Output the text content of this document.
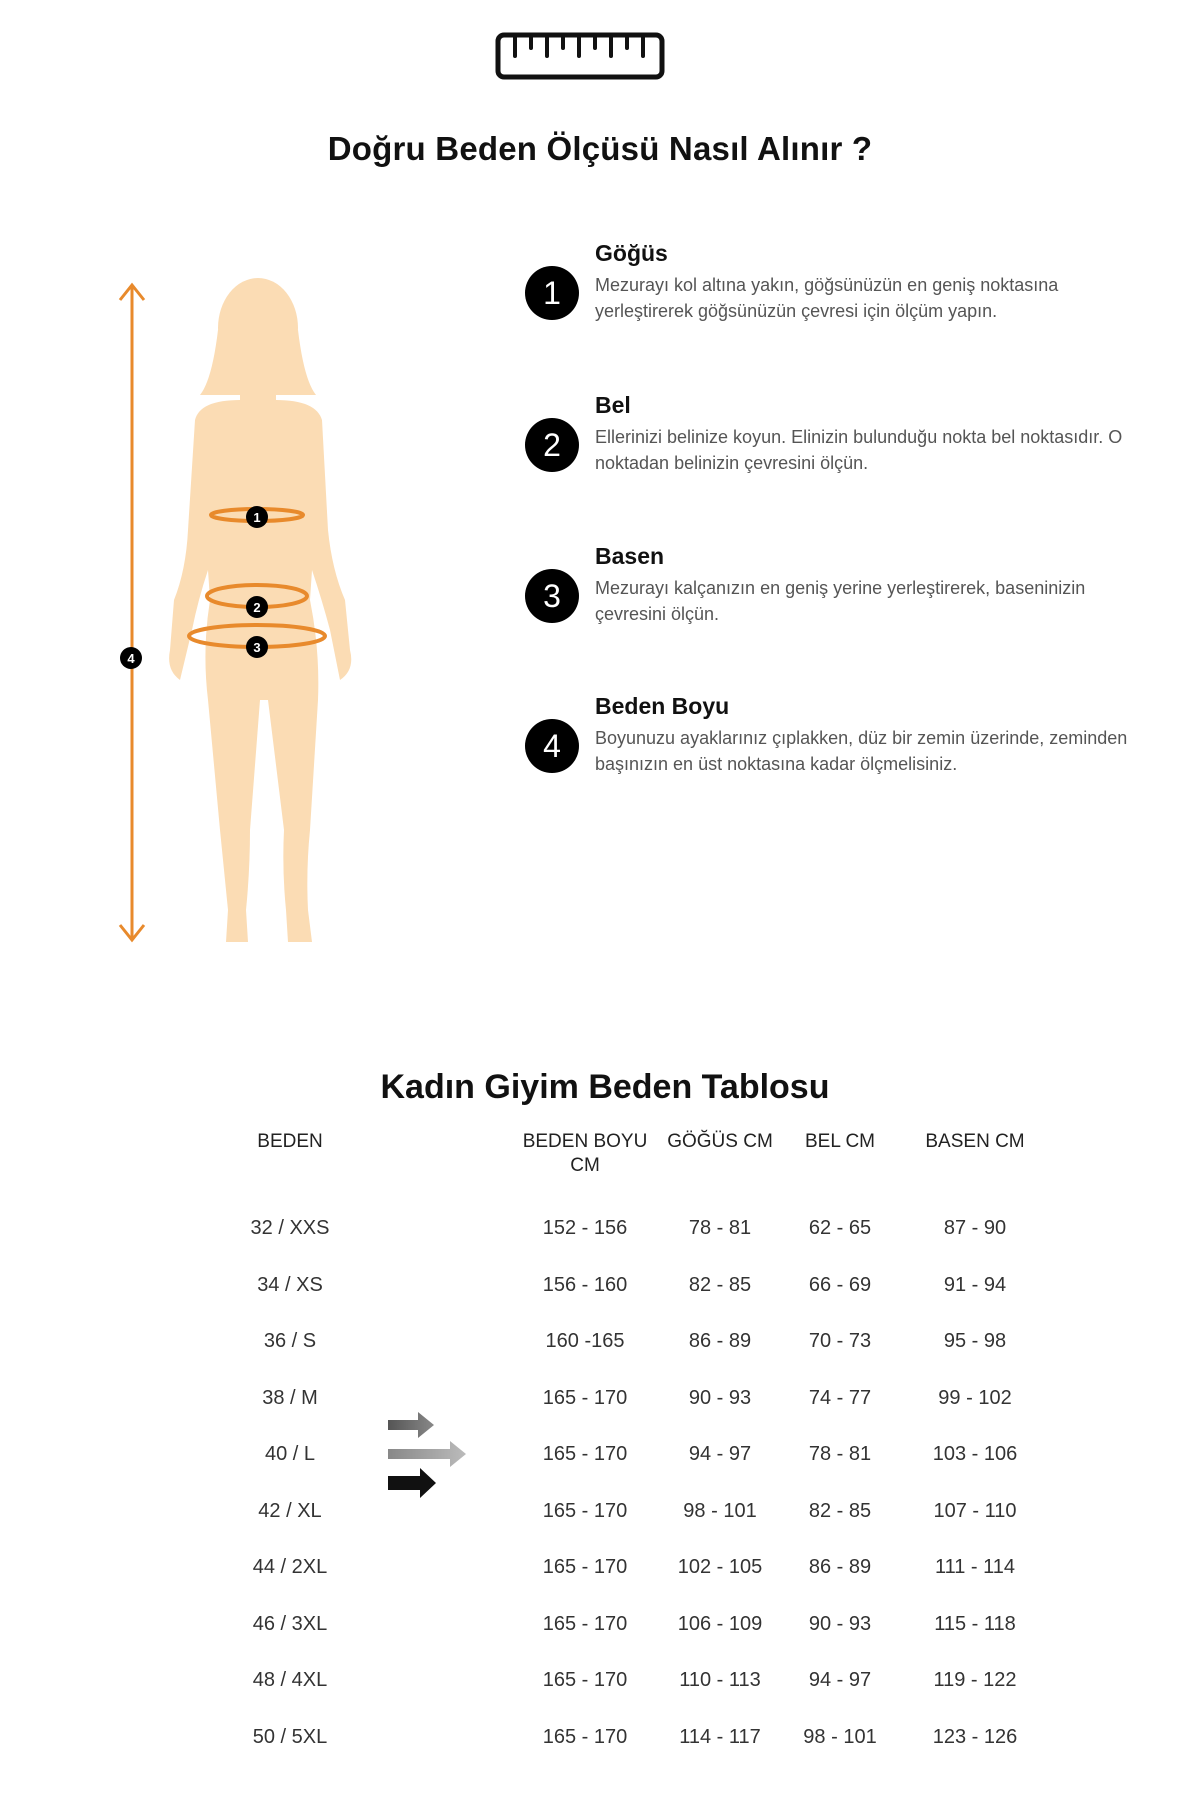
Doğru Beden Ölçüsü Nasıl Alınır ?
1
2
3
4
1
Göğüs
Mezurayı kol altına yakın, göğsünüzün en geniş noktasına yerleştirerek göğsünüzün çevresi için ölçüm yapın.
2
Bel
Ellerinizi belinize koyun. Elinizin bulunduğu nokta bel noktasıdır. O noktadan belinizin çevresini ölçün.
3
Basen
Mezurayı kalçanızın en geniş yerine yerleştirerek, baseninizin çevresini ölçün.
4
Beden Boyu
Boyunuzu ayaklarınız çıplakken, düz bir zemin üzerinde, zeminden başınızın en üst noktasına kadar ölçmelisiniz.
Kadın Giyim Beden Tablosu
BEDEN	BEDEN BOYU
CM
GÖĞÜS CM	BEL CM	BASEN CM
32 / XXS	152 - 156	78 - 81	62 - 65	87 - 90
34 / XS	156 - 160	82 - 85	66 - 69	91 - 94
36 / S	160 -165	86 - 89	70 - 73	95 - 98
38 / M	165 - 170	90 - 93	74 - 77	99 - 102
40 / L	165 - 170	94 - 97	78 - 81	103 - 106
42 / XL	165 - 170	98 - 101	82 - 85	107 - 110
44 / 2XL	165 - 170	102 - 105	86 - 89	111 - 114
46 / 3XL	165 - 170	106 - 109	90 - 93	115 - 118
48 / 4XL	165 - 170	110 - 113	94 - 97	119 - 122
50 / 5XL	165 - 170	114 - 117	98 - 101	123 - 126
